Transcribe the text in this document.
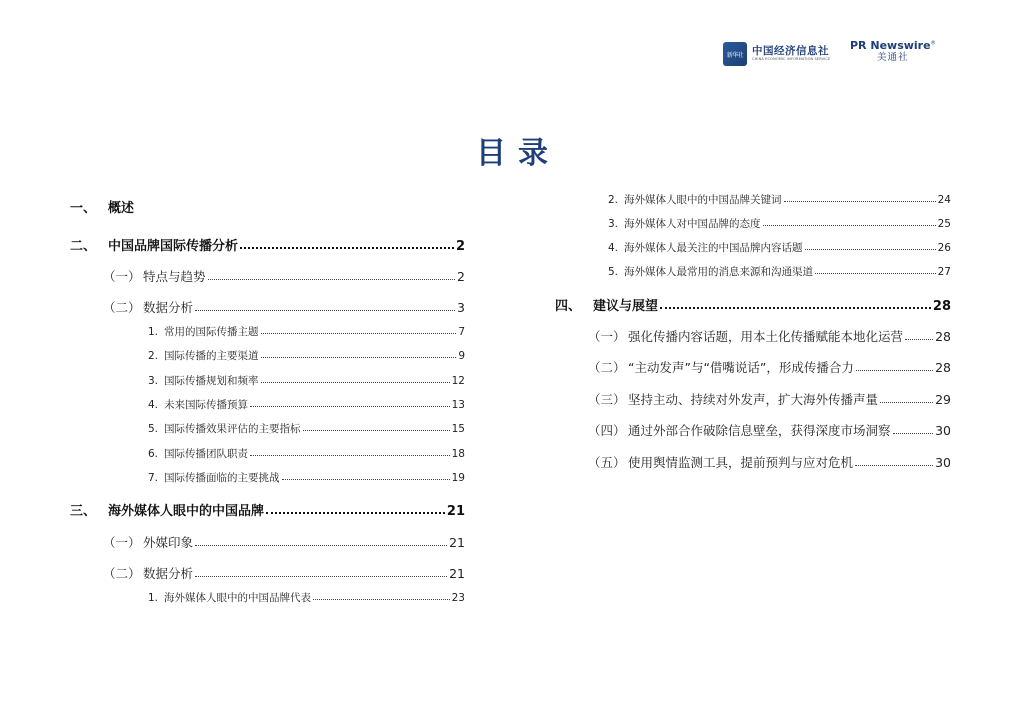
新华社 中国经济信息社
CHINA ECONOMIC INFORMATION SERVICE
PR Newswire®
美通社
目录
一、 概述
二、 中国品牌国际传播分析	2
（一） 特点与趋势	2
（二） 数据分析	3
1. 常用的国际传播主题	7
2. 国际传播的主要渠道	9
3. 国际传播规划和频率	12
4. 未来国际传播预算	13
5. 国际传播效果评估的主要指标	15
6. 国际传播团队职责	18
7. 国际传播面临的主要挑战	19
三、 海外媒体人眼中的中国品牌	21
（一） 外媒印象	21
（二） 数据分析	21
1. 海外媒体人眼中的中国品牌代表	23
2. 海外媒体人眼中的中国品牌关键词	24
3. 海外媒体人对中国品牌的态度	25
4. 海外媒体人最关注的中国品牌内容话题	26
5. 海外媒体人最常用的消息来源和沟通渠道	27
四、 建议与展望	28
（一） 强化传播内容话题，用本土化传播赋能本地化运营	28
（二） “主动发声”与“借嘴说话”，形成传播合力	28
（三） 坚持主动、持续对外发声，扩大海外传播声量	29
（四） 通过外部合作破除信息壁垒，获得深度市场洞察	30
（五） 使用舆情监测工具，提前预判与应对危机	30
